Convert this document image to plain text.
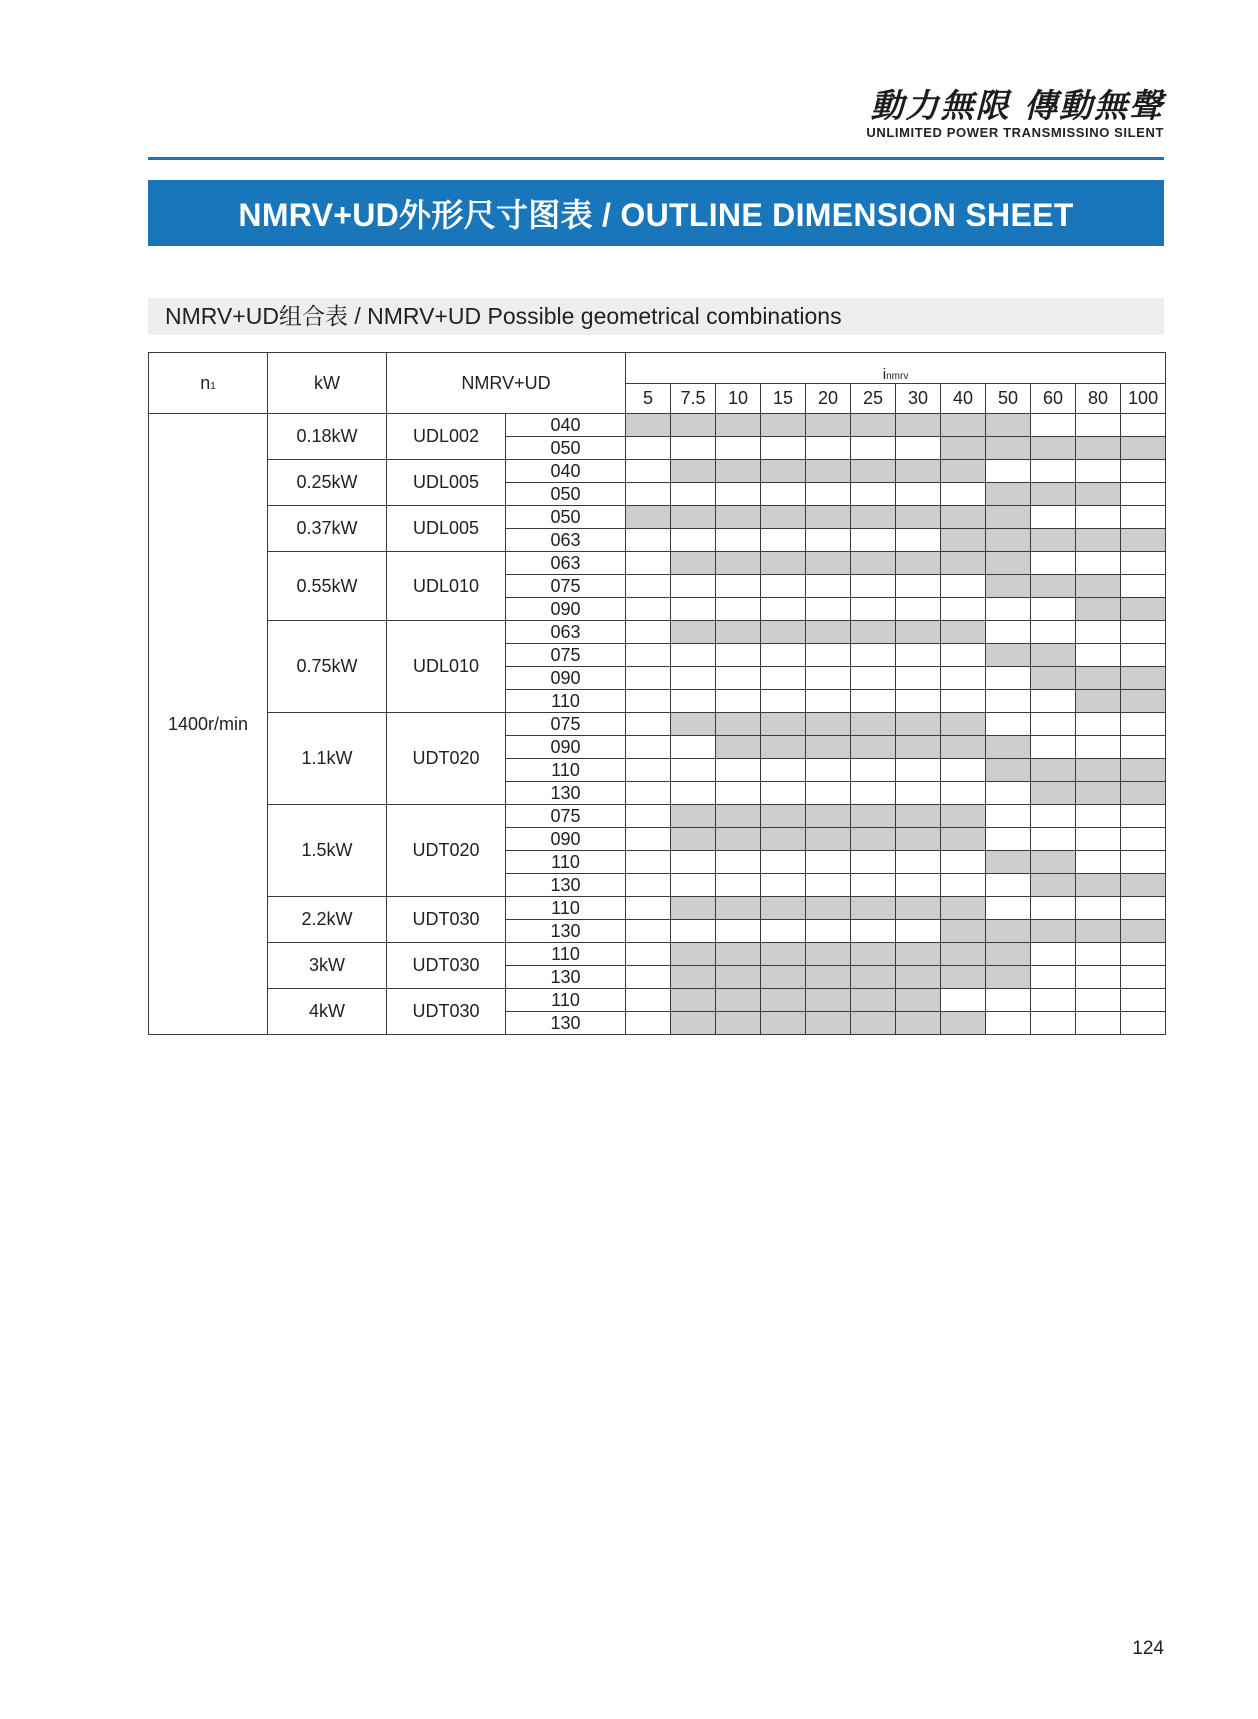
動力無限 傳動無聲
UNLIMITED POWER TRANSMISSINO SILENT
NMRV+UD外形尺寸图表 / OUTLINE DIMENSION SHEET
NMRV+UD组合表 / NMRV+UD Possible geometrical combinations
n1	kW	NMRV+UD		inmrv											
				5	7.5	10	15	20	25	30	40	50	60	80	100
1400r/min	0.18kW	UDL002	040												
			050												
	0.25kW	UDL005	040												
			050												
	0.37kW	UDL005	050												
			063												
	0.55kW	UDL010	063												
			075												
			090												
	0.75kW	UDL010	063												
			075												
			090												
			110												
	1.1kW	UDT020	075												
			090												
			110												
			130												
	1.5kW	UDT020	075												
			090												
			110												
			130												
	2.2kW	UDT030	110												
			130												
	3kW	UDT030	110												
			130												
	4kW	UDT030	110												
			130												
124
